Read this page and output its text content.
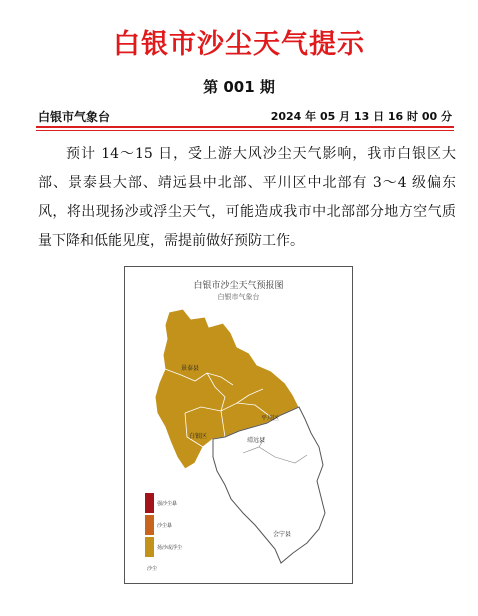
白银市沙尘天气提示
第 001 期
白银市气象台	2024 年 05 月 13 日 16 时 00 分
预计 14～15 日，受上游大风沙尘天气影响，我市白银区大部、景泰县大部、靖远县中北部、平川区中北部有 3～4 级偏东风，将出现扬沙或浮尘天气，可能造成我市中北部部分地方空气质量下降和低能见度，需提前做好预防工作。
白银市沙尘天气预报图
白银市气象台
景泰县
平川区
白银区
靖远县
会宁县
强沙尘暴
沙尘暴
扬沙或浮尘
沙尘
